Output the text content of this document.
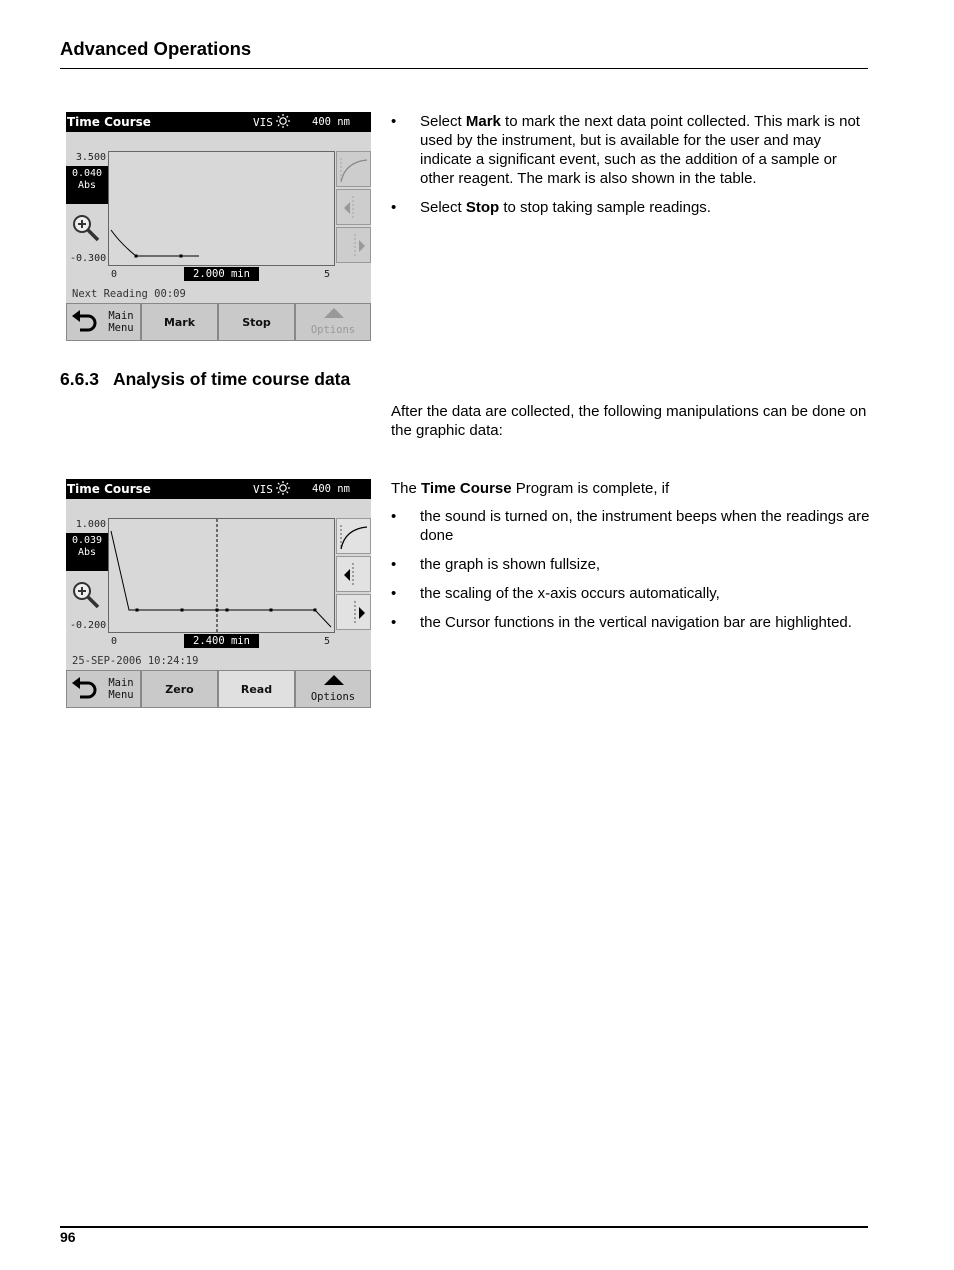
Advanced Operations
Time Course	VIS	400 nm
3.500
0.040
Abs
-0.300
0	2.000 min	5
Next Reading 00:09
Main
Menu	Mark	Stop
Options
• Select Mark to mark the next data point collected. This mark is not used by the instrument, but is available for the user and may indicate a significant event, such as the addition of a sample or other reagent. The mark is also shown in the table.
• Select Stop to stop taking sample readings.
6.6.3 Analysis of time course data

After the data are collected, the following manipulations can be done on the graphic data:

Time Course	VIS	400 nm
1.000
0.039
Abs
-0.200
0	2.400 min	5
25-SEP-2006 10:24:19
Main
Menu	Zero	Read
Options

The Time Course Program is complete, if

• the sound is turned on, the instrument beeps when the readings are done
• the graph is shown fullsize,
• the scaling of the x-axis occurs automatically,
• the Cursor functions in the vertical navigation bar are highlighted.
96
